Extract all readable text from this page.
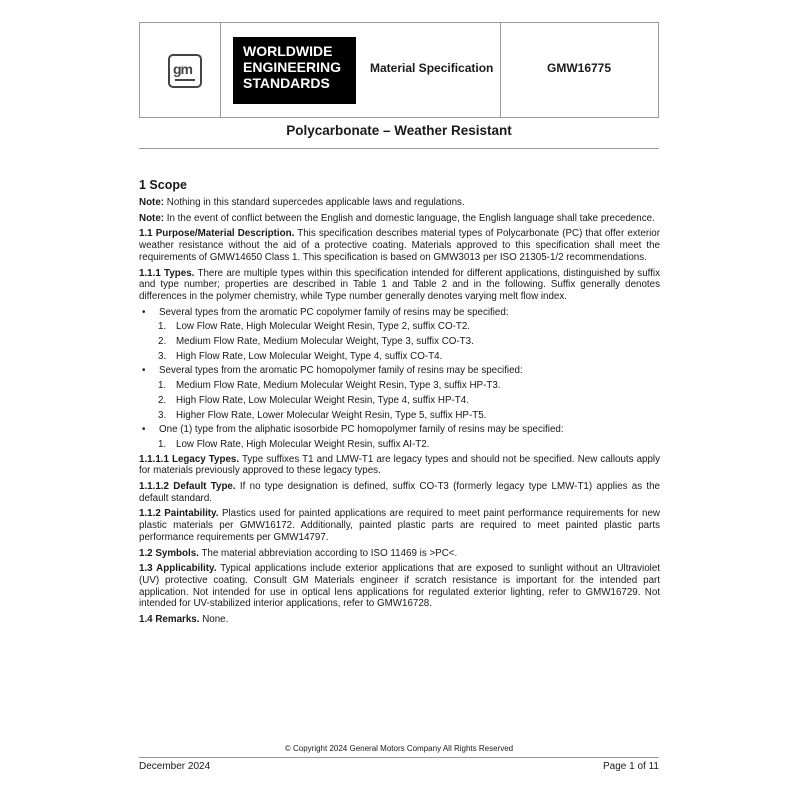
gm
WORLDWIDE
ENGINEERING
STANDARDS
Material Specification	GMW16775
Polycarbonate – Weather Resistant
1 Scope

Note: Nothing in this standard supercedes applicable laws and regulations.

Note: In the event of conflict between the English and domestic language, the English language shall take precedence.

1.1 Purpose/Material Description. This specification describes material types of Polycarbonate (PC) that offer exterior weather resistance without the aid of a protective coating. Materials approved to this specification shall meet the requirements of GMW14650 Class 1. This specification is based on GMW3013 per ISO 21305-1/2 recommendations.

1.1.1 Types. There are multiple types within this specification intended for different applications, distinguished by suffix and type number; properties are described in Table 1 and Table 2 and in the following. Suffix generally denotes differences in the polymer chemistry, while Type number generally denotes varying melt flow index.

• Several types from the aromatic PC copolymer family of resins may be specified:
1. Low Flow Rate, High Molecular Weight Resin, Type 2, suffix CO-T2.
2. Medium Flow Rate, Medium Molecular Weight, Type 3, suffix CO-T3.
3. High Flow Rate, Low Molecular Weight, Type 4, suffix CO-T4.
• Several types from the aromatic PC homopolymer family of resins may be specified:
1. Medium Flow Rate, Medium Molecular Weight Resin, Type 3, suffix HP-T3.
2. High Flow Rate, Low Molecular Weight Resin, Type 4, suffix HP-T4.
3. Higher Flow Rate, Lower Molecular Weight Resin, Type 5, suffix HP-T5.
• One (1) type from the aliphatic isosorbide PC homopolymer family of resins may be specified:
1. Low Flow Rate, High Molecular Weight Resin, suffix AI-T2.

1.1.1.1 Legacy Types. Type suffixes T1 and LMW-T1 are legacy types and should not be specified. New callouts apply for materials previously approved to these legacy types.

1.1.1.2 Default Type. If no type designation is defined, suffix CO-T3 (formerly legacy type LMW-T1) applies as the default standard.

1.1.2 Paintability. Plastics used for painted applications are required to meet paint performance requirements for new plastic materials per GMW16172. Additionally, painted plastic parts are required to meet painted plastic parts performance requirements per GMW14797.

1.2 Symbols. The material abbreviation according to ISO 11469 is >PC<.

1.3 Applicability. Typical applications include exterior applications that are exposed to sunlight without an Ultraviolet (UV) protective coating. Consult GM Materials engineer if scratch resistance is important for the intended part application. Not intended for use in optical lens applications for regulated exterior lighting, refer to GMW16729. Not intended for UV-stabilized interior applications, refer to GMW16728.

1.4 Remarks. None.

© Copyright 2024 General Motors Company All Rights Reserved
December 2024	Page 1 of 11
